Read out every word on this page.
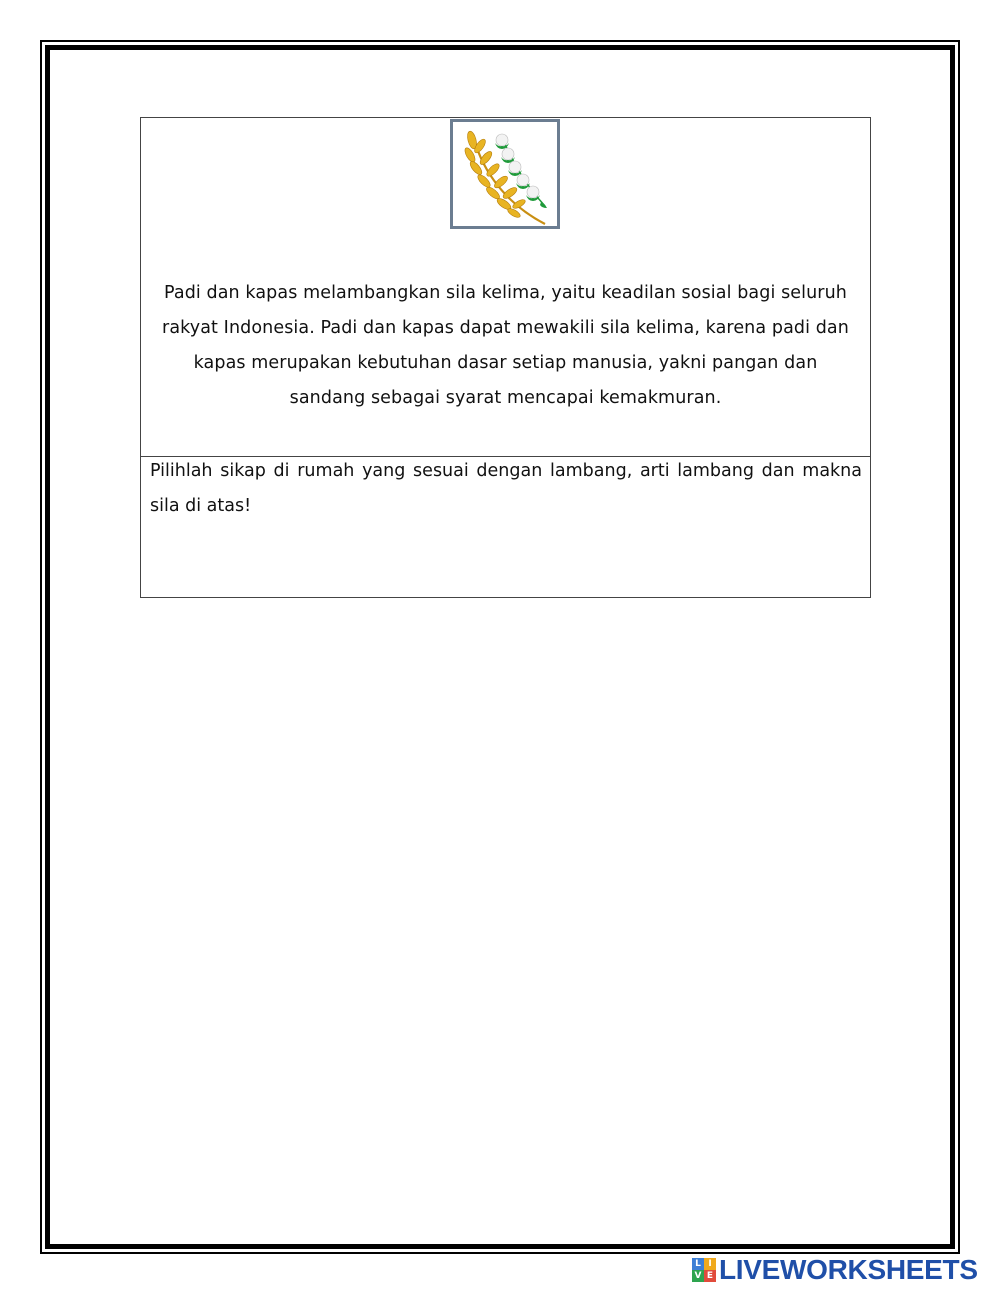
Padi dan kapas melambangkan sila kelima, yaitu keadilan sosial bagi seluruh rakyat Indonesia. Padi dan kapas dapat mewakili sila kelima, karena padi dan kapas merupakan kebutuhan dasar setiap manusia, yakni pangan dan sandang sebagai syarat mencapai kemakmuran.

Pilihlah sikap di rumah yang sesuai dengan lambang, arti lambang dan makna sila di atas!

L I
V E LIVEWORKSHEETS
